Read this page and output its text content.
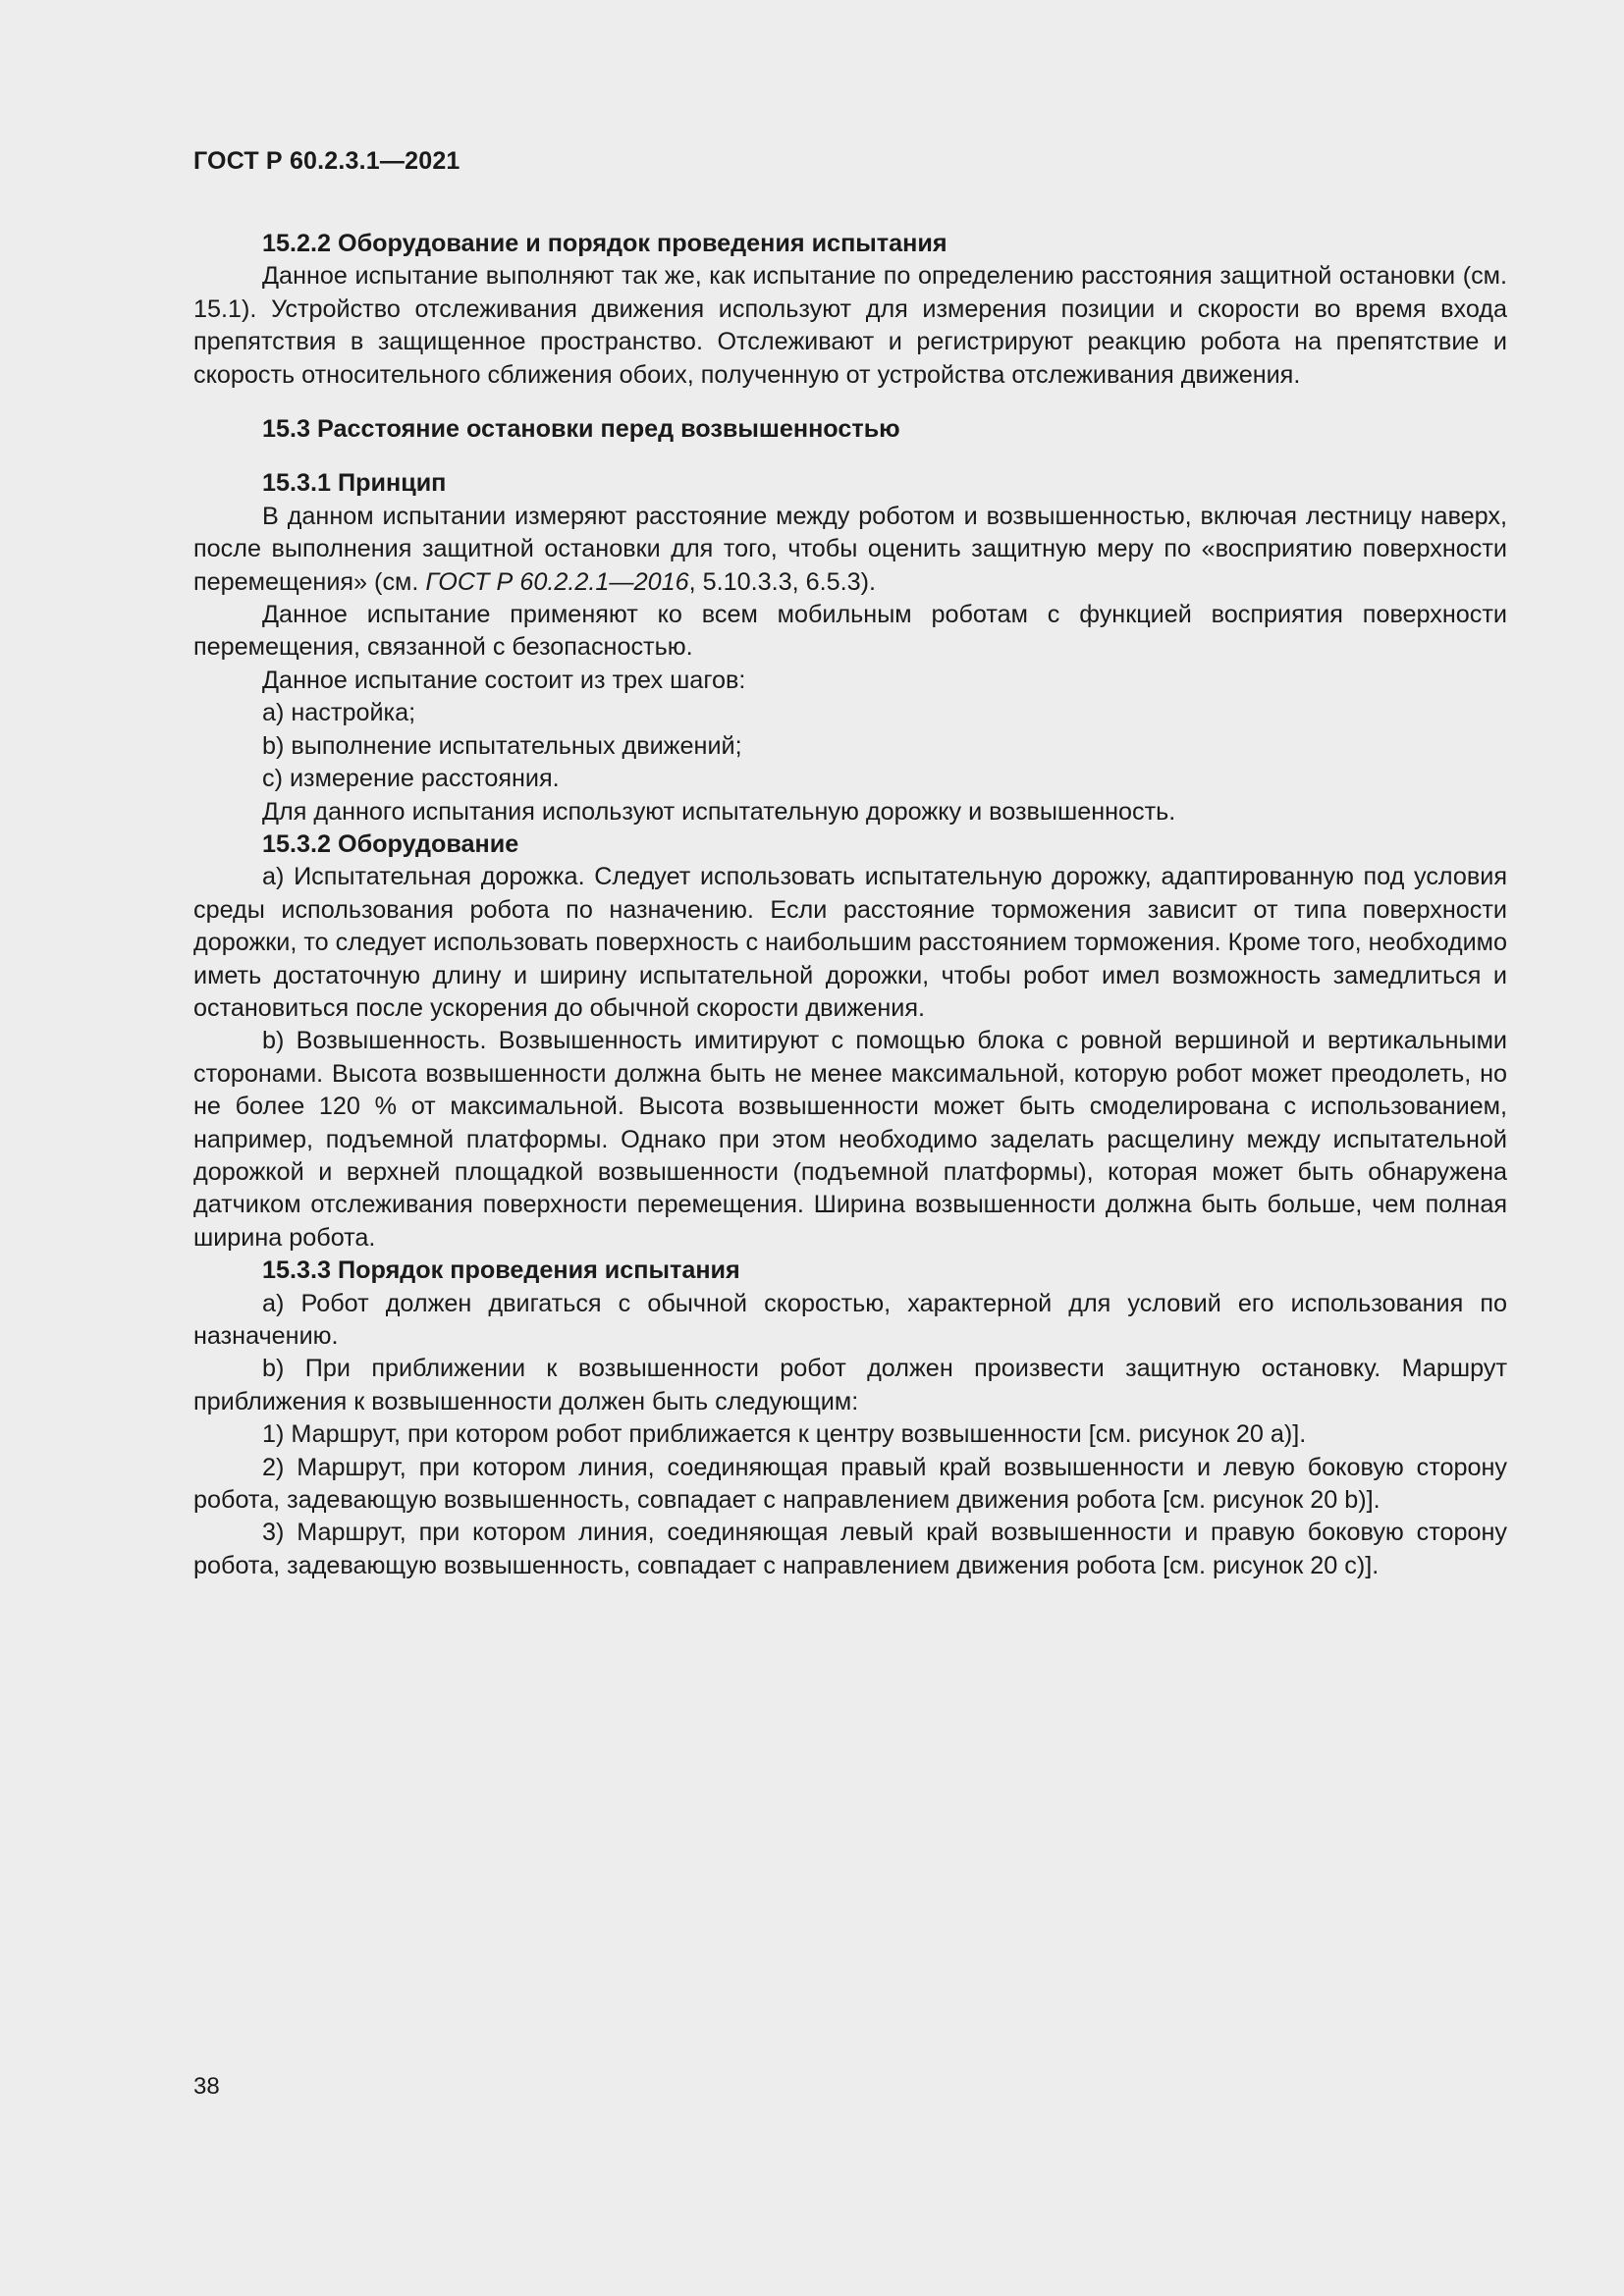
ГОСТ Р 60.2.3.1—2021

15.2.2 Оборудование и порядок проведения испытания

Данное испытание выполняют так же, как испытание по определению расстояния защитной остановки (см. 15.1). Устройство отслеживания движения используют для измерения позиции и скорости во время входа препятствия в защищенное пространство. Отслеживают и регистрируют реакцию робота на препятствие и скорость относительного сближения обоих, полученную от устройства отслеживания движения.

15.3 Расстояние остановки перед возвышенностью

15.3.1 Принцип

В данном испытании измеряют расстояние между роботом и возвышенностью, включая лестницу наверх, после выполнения защитной остановки для того, чтобы оценить защитную меру по «восприятию поверхности перемещения» (см. ГОСТ Р 60.2.2.1—2016, 5.10.3.3, 6.5.3).

Данное испытание применяют ко всем мобильным роботам с функцией восприятия поверхности перемещения, связанной с безопасностью.

Данное испытание состоит из трех шагов:

a) настройка;

b) выполнение испытательных движений;

c) измерение расстояния.

Для данного испытания используют испытательную дорожку и возвышенность.

15.3.2 Оборудование

a) Испытательная дорожка. Следует использовать испытательную дорожку, адаптированную под условия среды использования робота по назначению. Если расстояние торможения зависит от типа поверхности дорожки, то следует использовать поверхность с наибольшим расстоянием торможения. Кроме того, необходимо иметь достаточную длину и ширину испытательной дорожки, чтобы робот имел возможность замедлиться и остановиться после ускорения до обычной скорости движения.

b) Возвышенность. Возвышенность имитируют с помощью блока с ровной вершиной и вертикальными сторонами. Высота возвышенности должна быть не менее максимальной, которую робот может преодолеть, но не более 120 % от максимальной. Высота возвышенности может быть смоделирована с использованием, например, подъемной платформы. Однако при этом необходимо заделать расщелину между испытательной дорожкой и верхней площадкой возвышенности (подъемной платформы), которая может быть обнаружена датчиком отслеживания поверхности перемещения. Ширина возвышенности должна быть больше, чем полная ширина робота.

15.3.3 Порядок проведения испытания

a) Робот должен двигаться с обычной скоростью, характерной для условий его использования по назначению.

b) При приближении к возвышенности робот должен произвести защитную остановку. Маршрут приближения к возвышенности должен быть следующим:

1) Маршрут, при котором робот приближается к центру возвышенности [см. рисунок 20 a)].

2) Маршрут, при котором линия, соединяющая правый край возвышенности и левую боковую сторону робота, задевающую возвышенность, совпадает с направлением движения робота [см. рисунок 20 b)].

3) Маршрут, при котором линия, соединяющая левый край возвышенности и правую боковую сторону робота, задевающую возвышенность, совпадает с направлением движения робота [см. рисунок 20 c)].

38
